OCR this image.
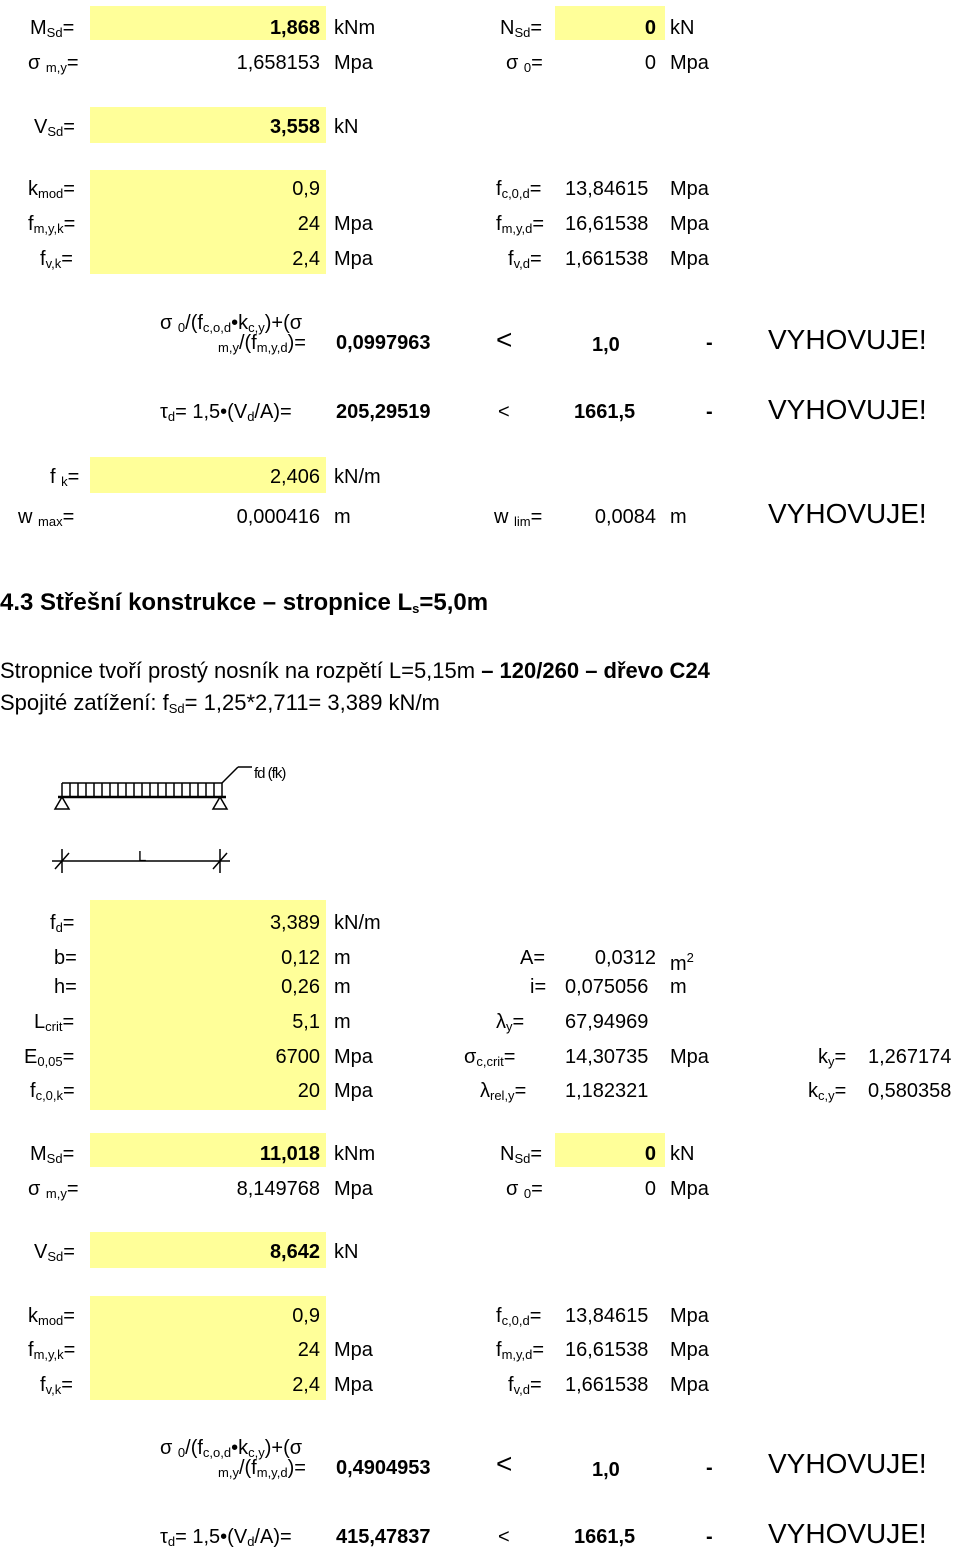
$M_{Sd}=$	1,868 kNm	$N_{Sd}=$	0 kN
σ $_{m,y}$=	1,658153 Mpa	σ $_0$=	0 Mpa
$V_{Sd}=$	3,558 kN
$k_{mod}=$	0,9	$f_{c,0,d}= 13,84615$ Mpa
$f_{m,y,k}=$	24 Mpa	$f_{m,y,d}= 16,61538$ Mpa
$f_{v,k}=$	2,4 Mpa	$f_{v,d}= 1,661538$ Mpa
σ $_0/(f_{c,o,d}•k_{c,y})+(\sigma$
$_{m,y}/(f_{m,y,d})= 0,0997963$ <	1,0	- VYHOVUJE!
$\tau_d=$ $1,5•(V_d/A)= 205,29519$	<	1661,5	- VYHOVUJE!
f $_k$=	2,406 kN/m
w $_{max}$=	0,000416 m	w $_{lim}$=	0,0084 m	VYHOVUJE!
4.3 Střešní konstrukce – stropnice $L_s=5,0m$
Stropnice tvoří prostý nosník na rozpětí L=5,15m – 120/260 – dřevo C24
Spojité zatížení: $f_{Sd}= 1,25*2,711= 3,389$ kN/m
fd (fk)
L
$f_d=$	3,389 kN/m
b=	0,12 m	A=	0,0312 $m^2$
h=	0,26 m	i= 0,075056 m
$L_{crit}=$	5,1 m	$\lambda_y= 67,94969$
$E_{0,05}=$	6700 Mpa	$\sigma_{c,crit}= 14,30735$ Mpa	$k_y= 1,267174$
$f_{c,0,k}=$	20 Mpa	$\lambda_{rel,y}= 1,182321$	$k_{c,y}= 0,580358$
$M_{Sd}=$	11,018 kNm	$N_{Sd}=$	0 kN
σ $_{m,y}$=	8,149768 Mpa	σ $_0$=	0 Mpa
$V_{Sd}=$	8,642 kN
$k_{mod}=$	0,9	$f_{c,0,d}= 13,84615$ Mpa
$f_{m,y,k}=$	24 Mpa	$f_{m,y,d}= 16,61538$ Mpa
$f_{v,k}=$	2,4 Mpa	$f_{v,d}= 1,661538$ Mpa
σ $_0/(f_{c,o,d}•k_{c,y})+(\sigma$
$_{m,y}/(f_{m,y,d})= 0,4904953$ <	1,0	- VYHOVUJE!
$\tau_d=$ $1,5•(V_d/A)= 415,47837$	<	1661,5	- VYHOVUJE!
